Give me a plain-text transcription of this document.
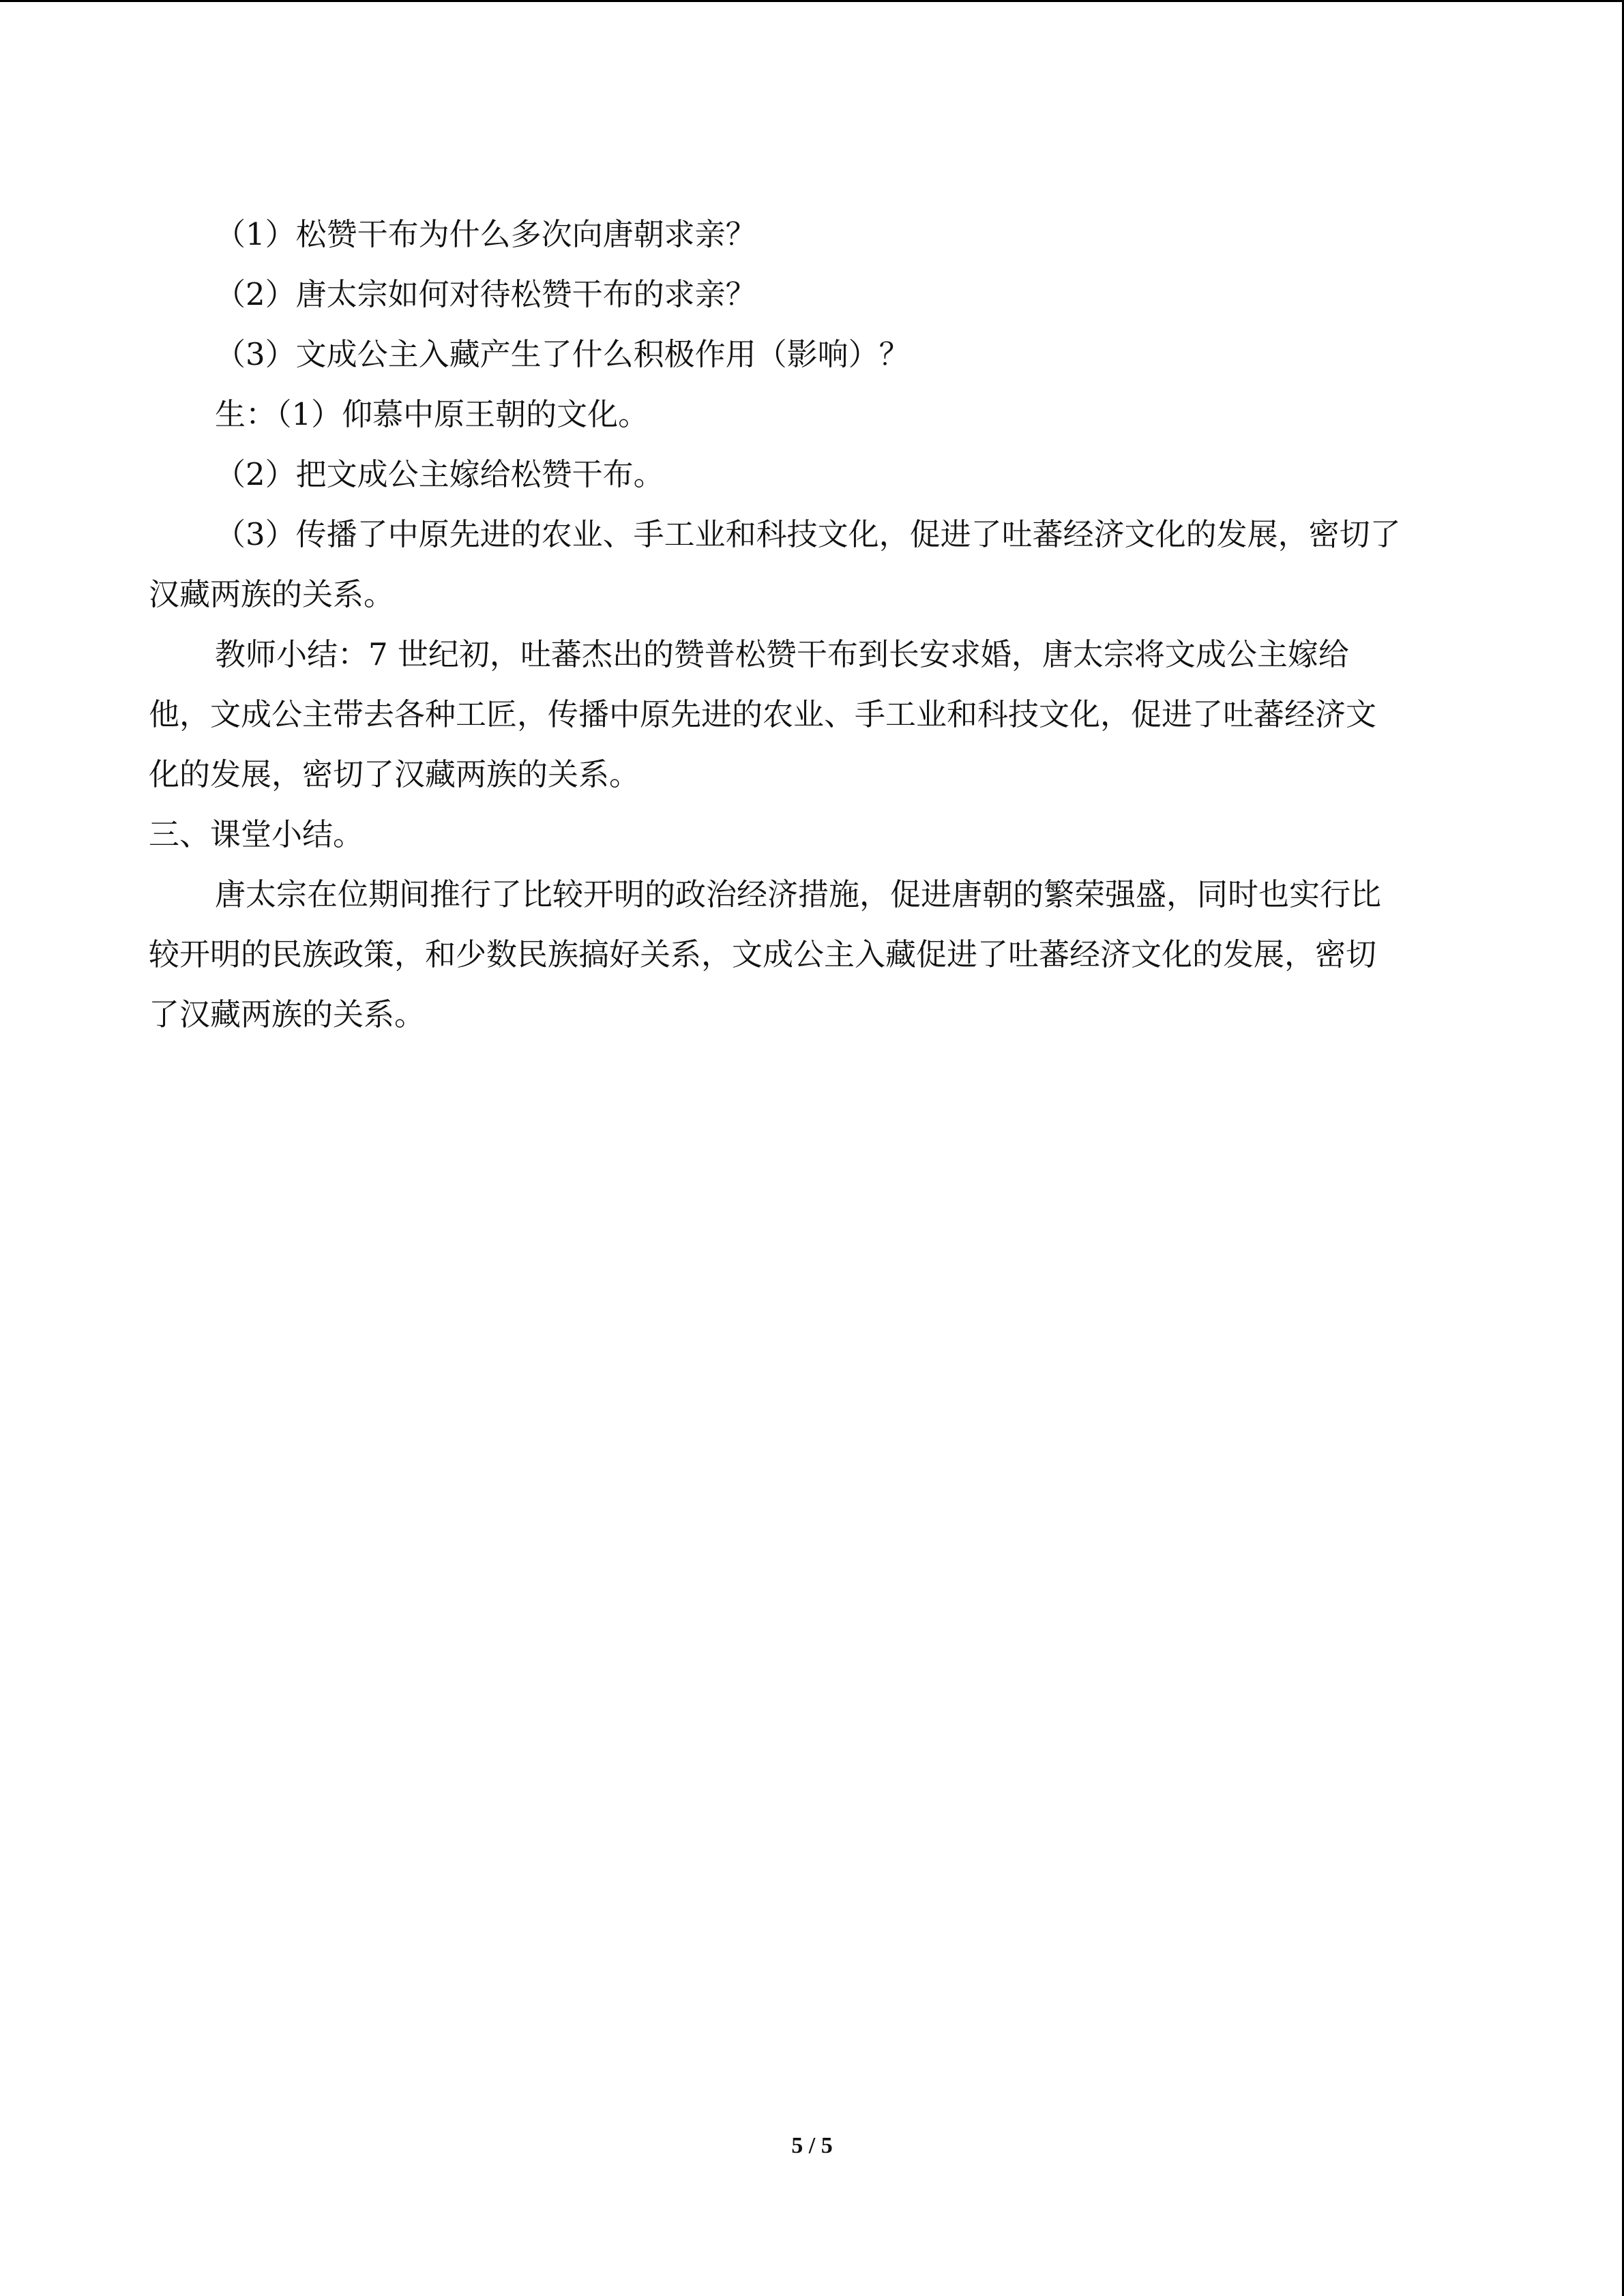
（1）松赞干布为什么多次向唐朝求亲？
（2）唐太宗如何对待松赞干布的求亲？
（3）文成公主入藏产生了什么积极作用（影响）？
生：（1）仰慕中原王朝的文化。
（2）把文成公主嫁给松赞干布。
（3）传播了中原先进的农业、手工业和科技文化，促进了吐蕃经济文化的发展，密切了
汉藏两族的关系。
教师小结：7 世纪初，吐蕃杰出的赞普松赞干布到长安求婚，唐太宗将文成公主嫁给
他，文成公主带去各种工匠，传播中原先进的农业、手工业和科技文化，促进了吐蕃经济文
化的发展，密切了汉藏两族的关系。
三、课堂小结。
唐太宗在位期间推行了比较开明的政治经济措施，促进唐朝的繁荣强盛，同时也实行比
较开明的民族政策，和少数民族搞好关系，文成公主入藏促进了吐蕃经济文化的发展，密切
了汉藏两族的关系。
5 / 5
